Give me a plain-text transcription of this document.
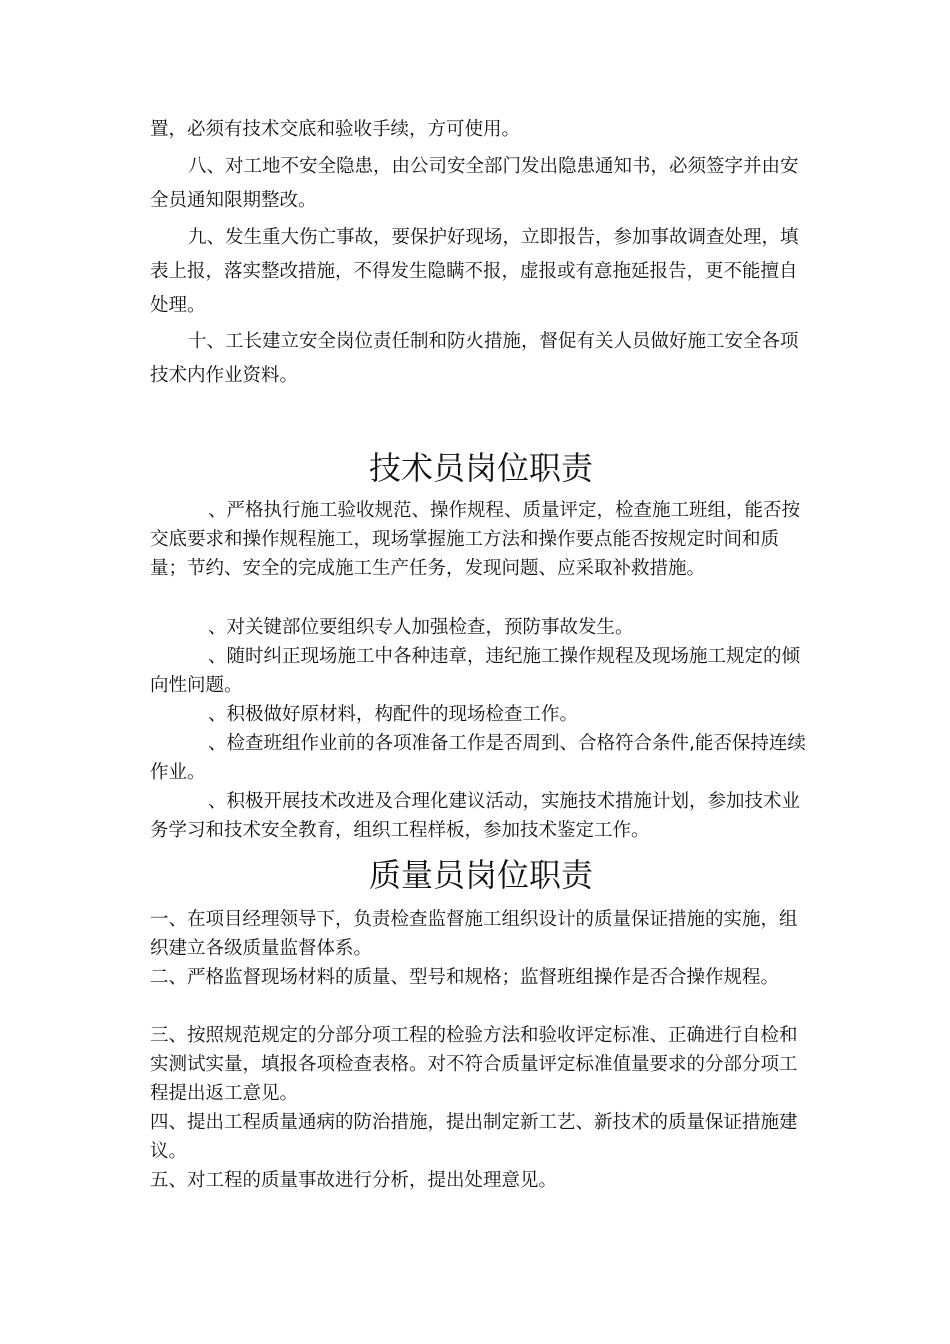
置，必须有技术交底和验收手续，方可使用。

八、对工地不安全隐患，由公司安全部门发出隐患通知书，必须签字并由安全员通知限期整改。

九、发生重大伤亡事故，要保护好现场，立即报告，参加事故调查处理，填表上报，落实整改措施，不得发生隐瞒不报，虚报或有意拖延报告，更不能擅自处理。

十、工长建立安全岗位责任制和防火措施，督促有关人员做好施工安全各项技术内作业资料。

技术员岗位职责

、严格执行施工验收规范、操作规程、质量评定，检查施工班组，能否按交底要求和操作规程施工，现场掌握施工方法和操作要点能否按规定时间和质量；节约、安全的完成施工生产任务，发现问题、应采取补救措施。

、对关键部位要组织专人加强检查，预防事故发生。

、随时纠正现场施工中各种违章，违纪施工操作规程及现场施工规定的倾向性问题。

、积极做好原材料，构配件的现场检查工作。

、检查班组作业前的各项准备工作是否周到、合格符合条件,能否保持连续作业。

、积极开展技术改进及合理化建议活动，实施技术措施计划，参加技术业务学习和技术安全教育，组织工程样板，参加技术鉴定工作。

质量员岗位职责

一、在项目经理领导下，负责检查监督施工组织设计的质量保证措施的实施，组织建立各级质量监督体系。

二、严格监督现场材料的质量、型号和规格；监督班组操作是否合操作规程。

三、按照规范规定的分部分项工程的检验方法和验收评定标准、正确进行自检和实测试实量，填报各项检查表格。对不符合质量评定标准值量要求的分部分项工程提出返工意见。

四、提出工程质量通病的防治措施，提出制定新工艺、新技术的质量保证措施建议。

五、对工程的质量事故进行分析，提出处理意见。
